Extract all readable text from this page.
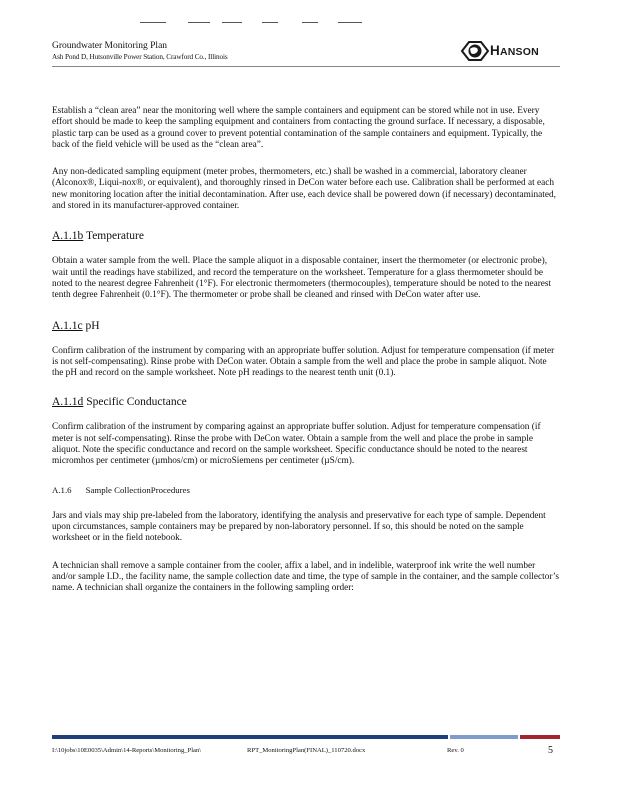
Groundwater Monitoring Plan
Ash Pond D, Hutsonville Power Station, Crawford Co., Illinois	HANSON

Establish a “clean area” near the monitoring well where the sample containers and equipment can be stored while not in use. Every effort should be made to keep the sampling equipment and containers from contacting the ground surface. If necessary, a disposable, plastic tarp can be used as a ground cover to prevent potential contamination of the sample containers and equipment. Typically, the back of the field vehicle will be used as the “clean area”.

Any non-dedicated sampling equipment (meter probes, thermometers, etc.) shall be washed in a commercial, laboratory cleaner (Alconox®, Liqui-nox®, or equivalent), and thoroughly rinsed in DeCon water before each use. Calibration shall be performed at each new monitoring location after the initial decontamination. After use, each device shall be powered down (if necessary) decontaminated, and stored in its manufacturer-approved container.

A.1.1b Temperature

Obtain a water sample from the well. Place the sample aliquot in a disposable container, insert the thermometer (or electronic probe), wait until the readings have stabilized, and record the temperature on the worksheet. Temperature for a glass thermometer should be noted to the nearest degree Fahrenheit (1°F). For electronic thermometers (thermocouples), temperature should be noted to the nearest tenth degree Fahrenheit (0.1°F). The thermometer or probe shall be cleaned and rinsed with DeCon water after use.

A.1.1c pH

Confirm calibration of the instrument by comparing with an appropriate buffer solution. Adjust for temperature compensation (if meter is not self-compensating). Rinse probe with DeCon water. Obtain a sample from the well and place the probe in sample aliquot. Note the pH and record on the sample worksheet. Note pH readings to the nearest tenth unit (0.1).

A.1.1d Specific Conductance

Confirm calibration of the instrument by comparing against an appropriate buffer solution. Adjust for temperature compensation (if meter is not self-compensating). Rinse the probe with DeCon water. Obtain a sample from the well and place the probe in sample aliquot. Note the specific conductance and record on the sample worksheet. Specific conductance should be noted to the nearest micromhos per centimeter (µmhos/cm) or microSiemens per centimeter (µS/cm).

A.1.6 Sample CollectionProcedures

Jars and vials may ship pre-labeled from the laboratory, identifying the analysis and preservative for each type of sample. Dependent upon circumstances, sample containers may be prepared by non-laboratory personnel. If so, this should be noted on the sample worksheet or in the field notebook.

A technician shall remove a sample container from the cooler, affix a label, and in indelible, waterproof ink write the well number and/or sample I.D., the facility name, the sample collection date and time, the type of sample in the container, and the sample collector’s name. A technician shall organize the containers in the following sampling order:

I:\10jobs\10E0035\Admin\14-Reports\Monitoring_Plan\	RPT_MonitoringPlan(FINAL)_110720.docx	Rev. 0	5
